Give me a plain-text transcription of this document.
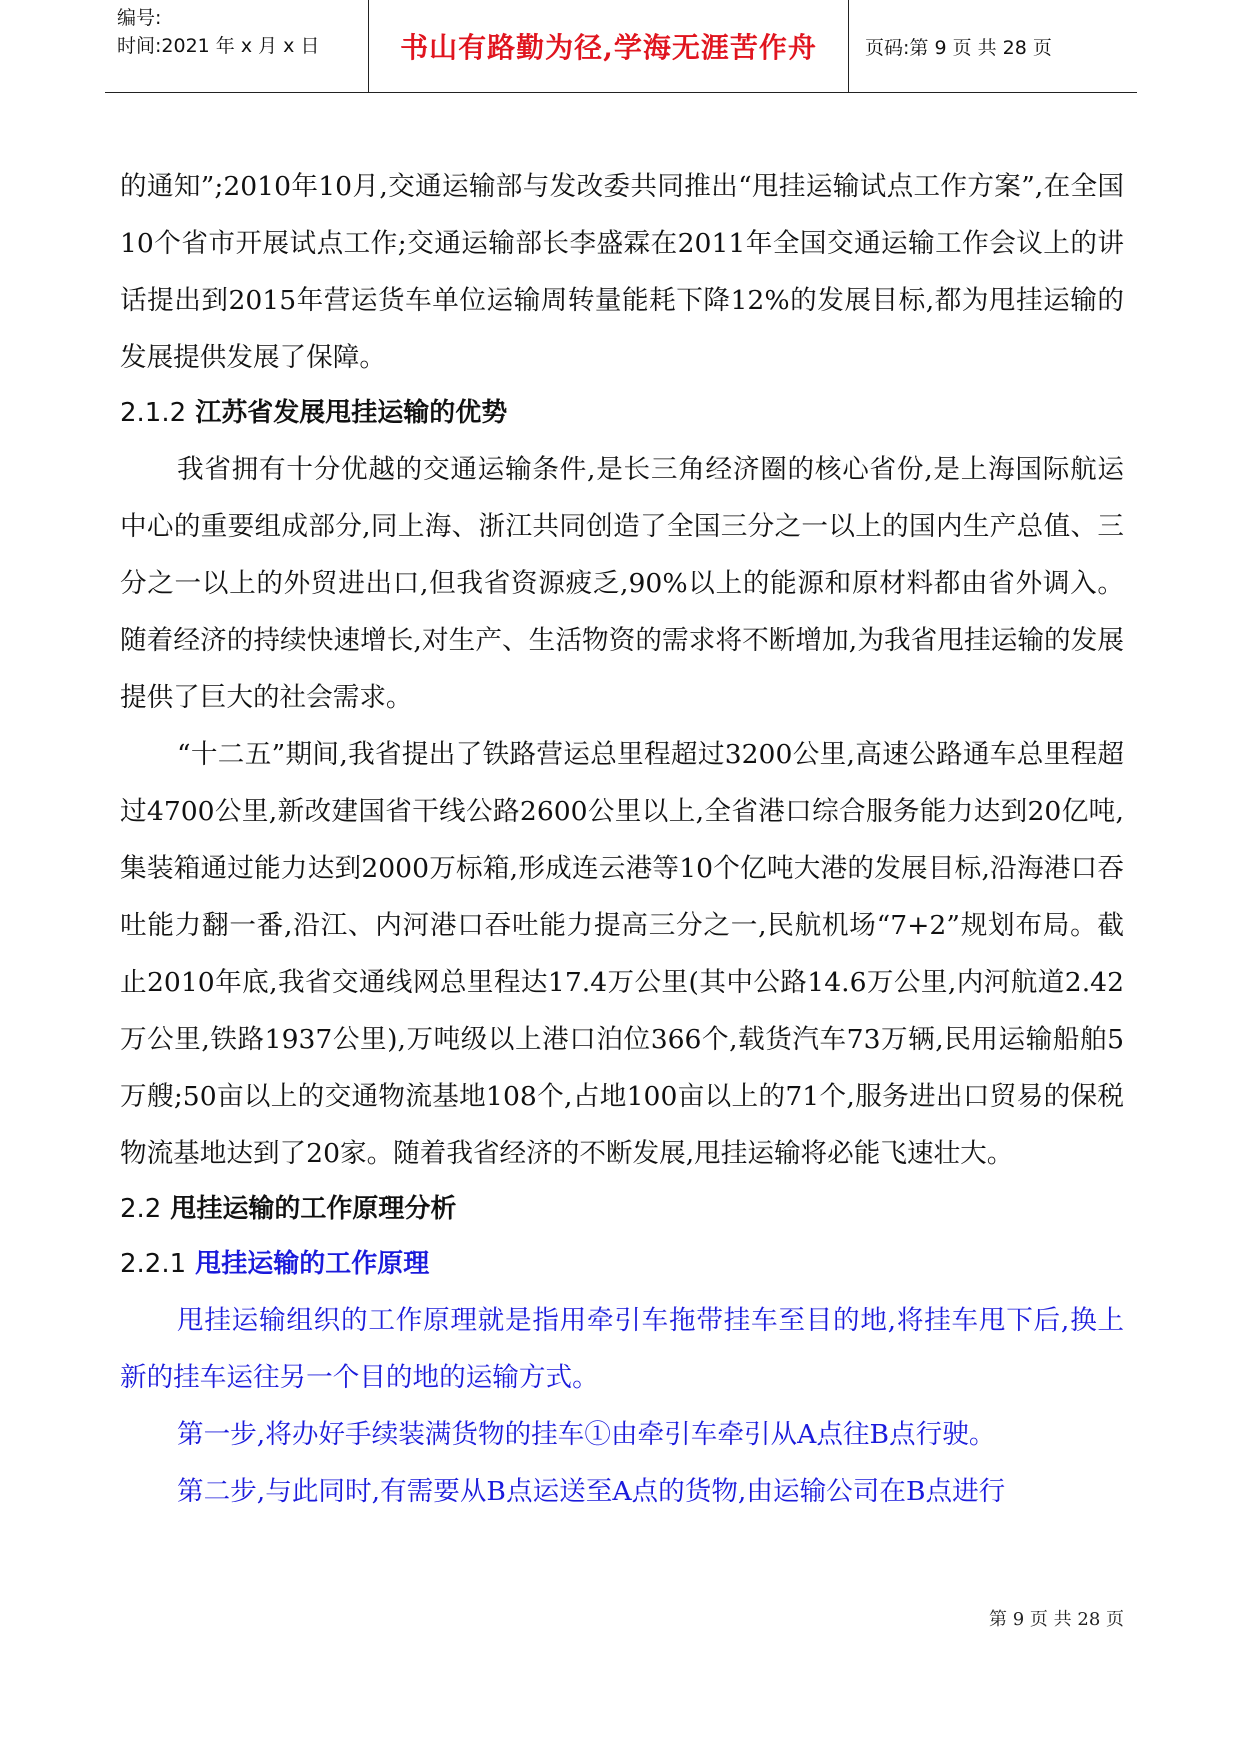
编号:
时间:2021 年 x 月 x 日	书山有路勤为径,学海无涯苦作舟	页码:第 9 页 共 28 页

的通知”;2010年10月,交通运输部与发改委共同推出“甩挂运输试点工作方案”,在全国10个省市开展试点工作;交通运输部长李盛霖在2011年全国交通运输工作会议上的讲话提出到2015年营运货车单位运输周转量能耗下降12%的发展目标,都为甩挂运输的发展提供发展了保障。

2.1.2 江苏省发展甩挂运输的优势

我省拥有十分优越的交通运输条件,是长三角经济圈的核心省份,是上海国际航运中心的重要组成部分,同上海、浙江共同创造了全国三分之一以上的国内生产总值、三分之一以上的外贸进出口,但我省资源疲乏,90%以上的能源和原材料都由省外调入。随着经济的持续快速增长,对生产、生活物资的需求将不断增加,为我省甩挂运输的发展提供了巨大的社会需求。

“十二五”期间,我省提出了铁路营运总里程超过3200公里,高速公路通车总里程超过4700公里,新改建国省干线公路2600公里以上,全省港口综合服务能力达到20亿吨,集装箱通过能力达到2000万标箱,形成连云港等10个亿吨大港的发展目标,沿海港口吞吐能力翻一番,沿江、内河港口吞吐能力提高三分之一,民航机场“7+2”规划布局。截止2010年底,我省交通线网总里程达17.4万公里(其中公路14.6万公里,内河航道2.42万公里,铁路1937公里),万吨级以上港口泊位366个,载货汽车73万辆,民用运输船舶5万艘;50亩以上的交通物流基地108个,占地100亩以上的71个,服务进出口贸易的保税物流基地达到了20家。随着我省经济的不断发展,甩挂运输将必能飞速壮大。

2.2 甩挂运输的工作原理分析
2.2.1 甩挂运输的工作原理

甩挂运输组织的工作原理就是指用牵引车拖带挂车至目的地,将挂车甩下后,换上新的挂车运往另一个目的地的运输方式。

第一步,将办好手续装满货物的挂车①由牵引车牵引从A点往B点行驶。

第二步,与此同时,有需要从B点运送至A点的货物,由运输公司在B点进行

第 9 页 共 28 页
